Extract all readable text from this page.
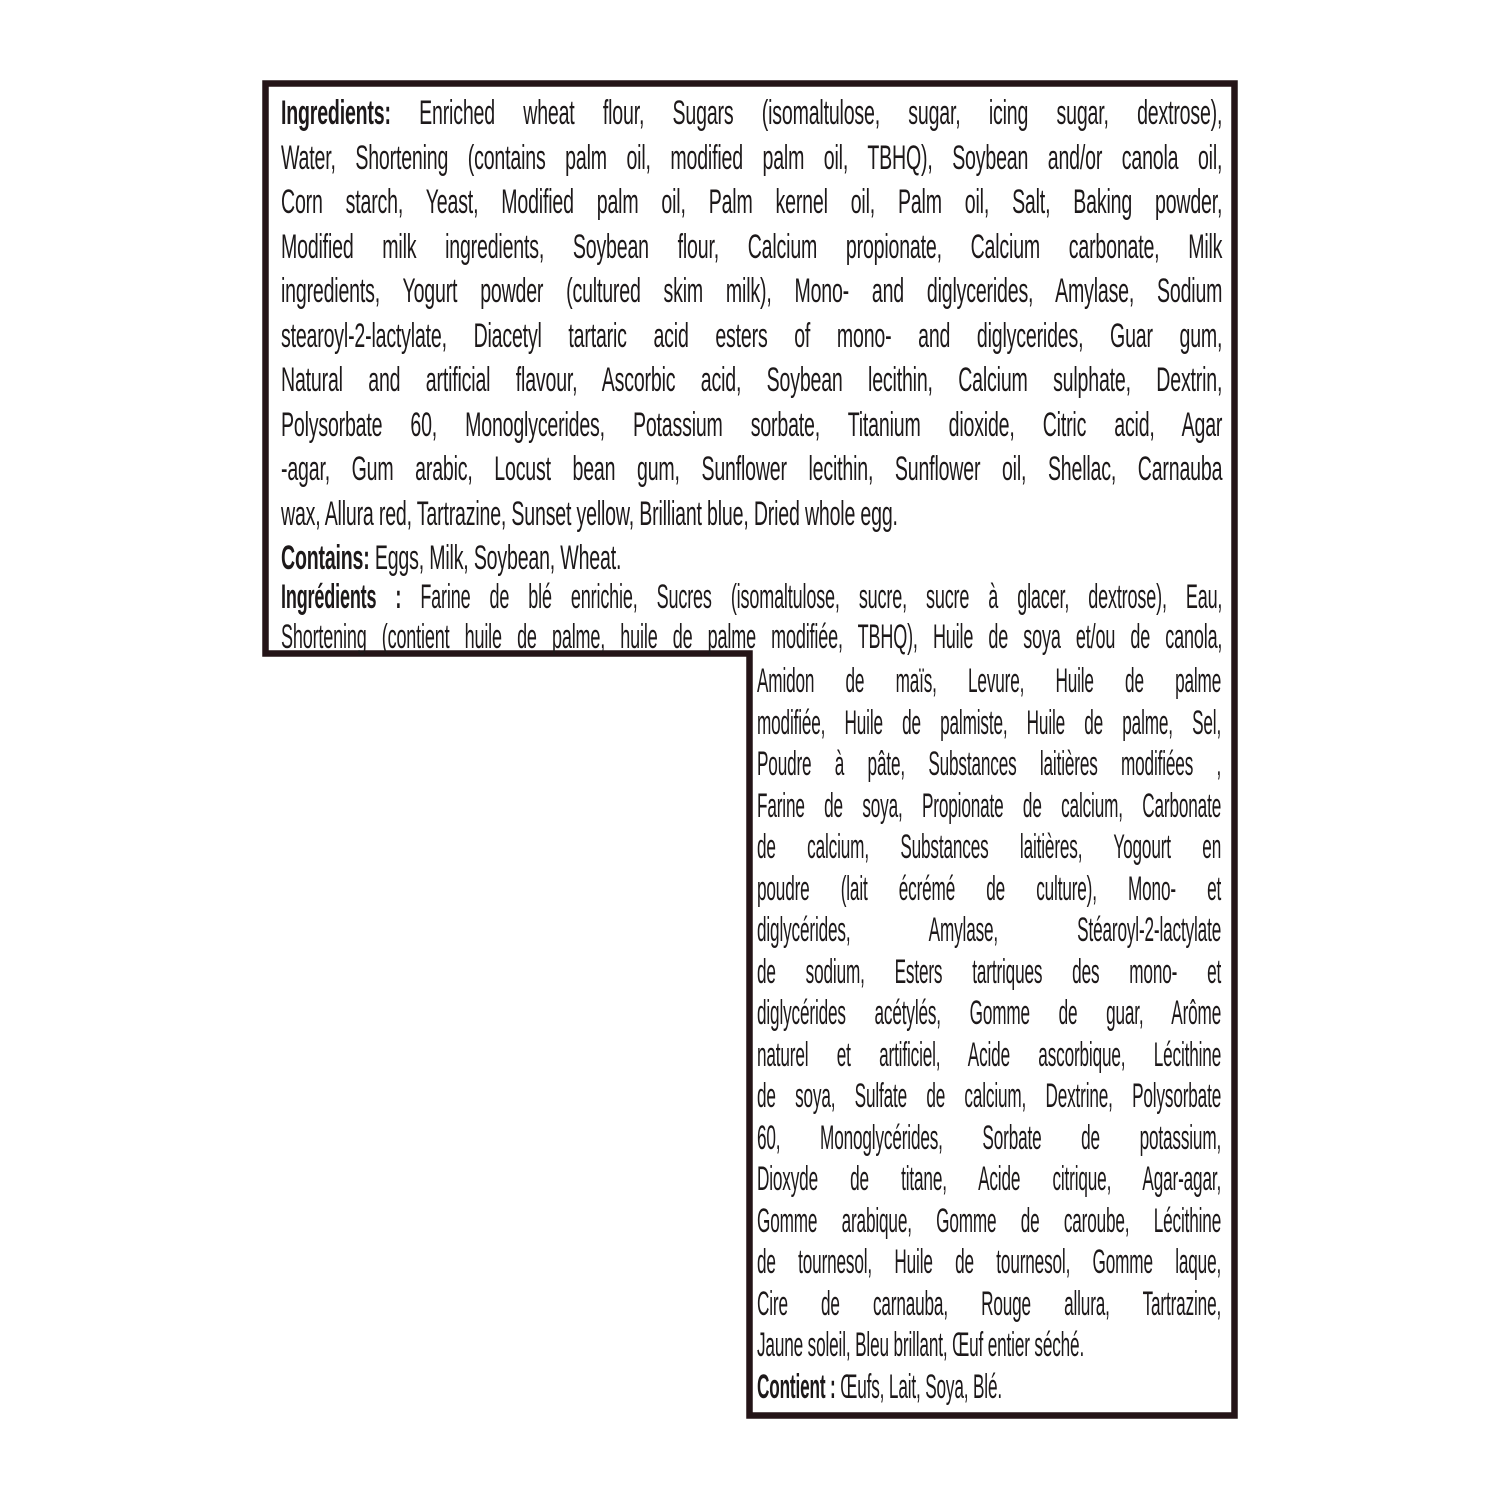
Ingredients: Enriched wheat flour, Sugars (isomaltulose, sugar, icing sugar, dextrose),
Water, Shortening (contains palm oil, modified palm oil, TBHQ), Soybean and/or canola oil,
Corn starch, Yeast, Modified palm oil, Palm kernel oil, Palm oil, Salt, Baking powder,
Modified milk ingredients, Soybean flour, Calcium propionate, Calcium carbonate, Milk
ingredients, Yogurt powder (cultured skim milk), Mono- and diglycerides, Amylase, Sodium
stearoyl-2-lactylate, Diacetyl tartaric acid esters of mono- and diglycerides, Guar gum,
Natural and artificial flavour, Ascorbic acid, Soybean lecithin, Calcium sulphate, Dextrin,
Polysorbate 60, Monoglycerides, Potassium sorbate, Titanium dioxide, Citric acid, Agar
-agar, Gum arabic, Locust bean gum, Sunflower lecithin, Sunflower oil, Shellac, Carnauba
wax, Allura red, Tartrazine, Sunset yellow, Brilliant blue, Dried whole egg.
Contains: Eggs, Milk, Soybean, Wheat.
Ingrédients : Farine de blé enrichie, Sucres (isomaltulose, sucre, sucre à glacer, dextrose), Eau,
Shortening (contient huile de palme, huile de palme modifiée, TBHQ), Huile de soya et/ou de canola,
Amidon de maïs, Levure, Huile de palme
modifiée, Huile de palmiste, Huile de palme, Sel,
Poudre à pâte, Substances laitières modifiées ,
Farine de soya, Propionate de calcium, Carbonate
de calcium, Substances laitières, Yogourt en
poudre (lait écrémé de culture), Mono- et
diglycérides, Amylase, Stéaroyl-2-lactylate
de sodium, Esters tartriques des mono- et
diglycérides acétylés, Gomme de guar, Arôme
naturel et artificiel, Acide ascorbique, Lécithine
de soya, Sulfate de calcium, Dextrine, Polysorbate
60, Monoglycérides, Sorbate de potassium,
Dioxyde de titane, Acide citrique, Agar-agar,
Gomme arabique, Gomme de caroube, Lécithine
de tournesol, Huile de tournesol, Gomme laque,
Cire de carnauba, Rouge allura, Tartrazine,
Jaune soleil, Bleu brillant, Œuf entier séché.
Contient : Œufs, Lait, Soya, Blé.
